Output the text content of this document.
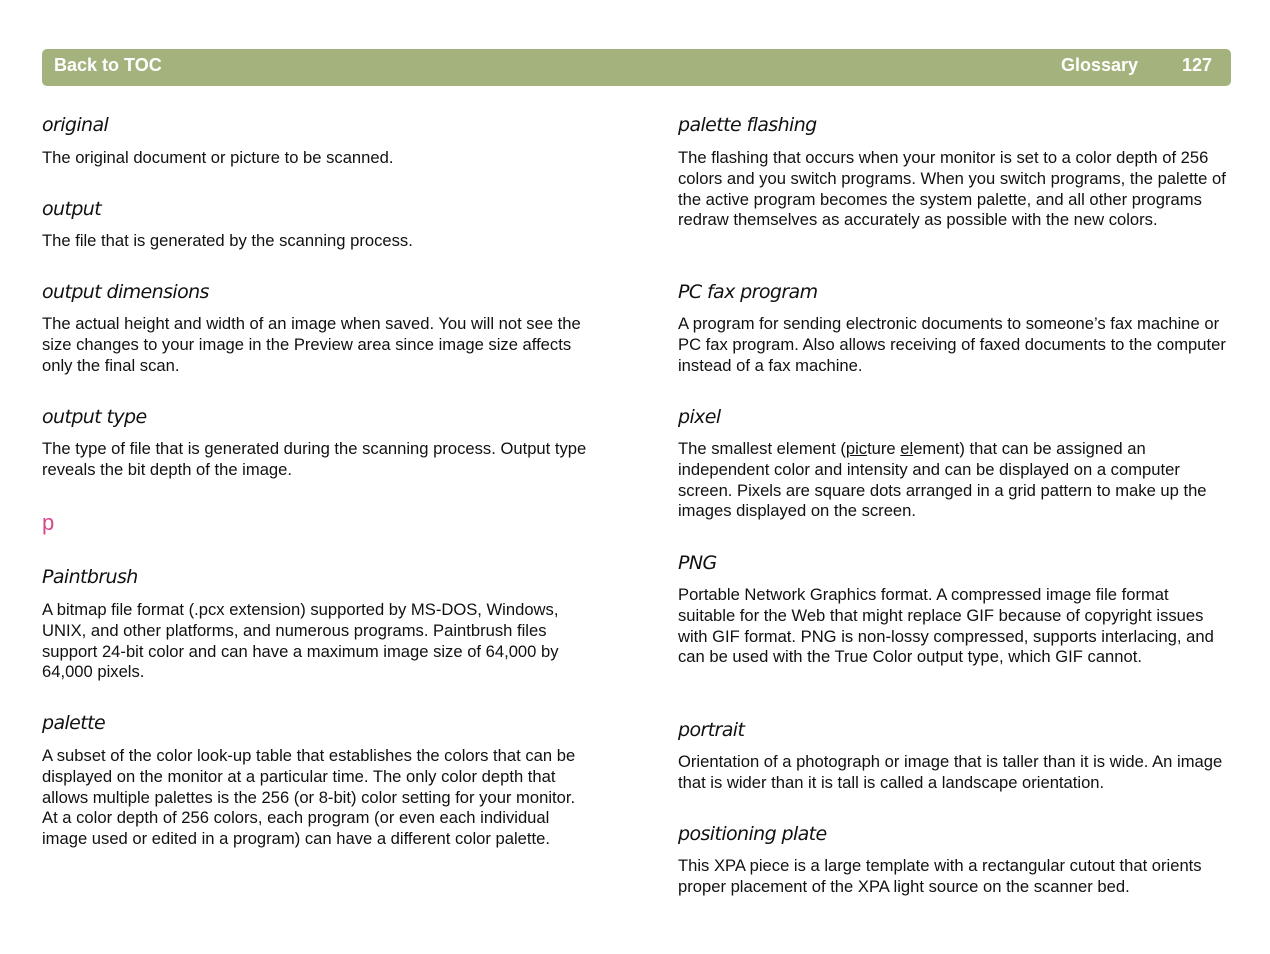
Back to TOC	Glossary 127
original
The original document or picture to be scanned.
output
The file that is generated by the scanning process.
output dimensions
The actual height and width of an image when saved. You will not see the size changes to your image in the Preview area since image size affects only the final scan.
output type
The type of file that is generated during the scanning process. Output type reveals the bit depth of the image.
p
Paintbrush
A bitmap file format (.pcx extension) supported by MS-DOS, Windows, UNIX, and other platforms, and numerous programs. Paintbrush files support 24-bit color and can have a maximum image size of 64,000 by 64,000 pixels.
palette
A subset of the color look-up table that establishes the colors that can be displayed on the monitor at a particular time. The only color depth that allows multiple palettes is the 256 (or 8-bit) color setting for your monitor. At a color depth of 256 colors, each program (or even each individual image used or edited in a program) can have a different color palette.
palette flashing
The flashing that occurs when your monitor is set to a color depth of 256 colors and you switch programs. When you switch programs, the palette of the active program becomes the system palette, and all other programs redraw themselves as accurately as possible with the new colors.
PC fax program
A program for sending electronic documents to someone’s fax machine or PC fax program. Also allows receiving of faxed documents to the computer instead of a fax machine.
pixel
The smallest element (picture element) that can be assigned an independent color and intensity and can be displayed on a computer screen. Pixels are square dots arranged in a grid pattern to make up the images displayed on the screen.
PNG
Portable Network Graphics format. A compressed image file format suitable for the Web that might replace GIF because of copyright issues with GIF format. PNG is non-lossy compressed, supports interlacing, and can be used with the True Color output type, which GIF cannot.
portrait
Orientation of a photograph or image that is taller than it is wide. An image that is wider than it is tall is called a landscape orientation.
positioning plate
This XPA piece is a large template with a rectangular cutout that orients proper placement of the XPA light source on the scanner bed.
